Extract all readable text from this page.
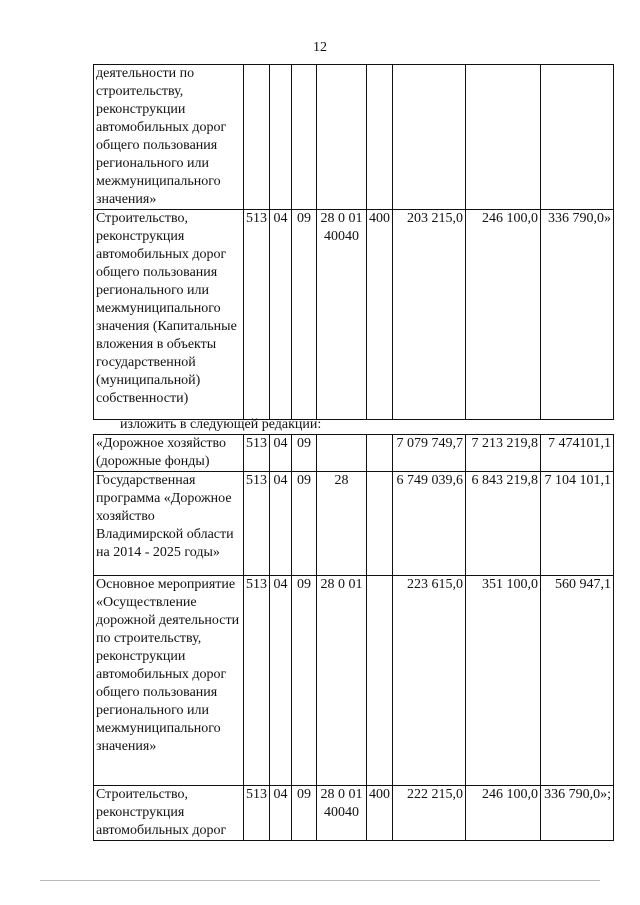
12
деятельности по строительству, реконструкции автомобильных дорог общего пользования регионального или межмуниципального значения»								
Строительство, реконструкция автомобильных дорог общего пользования регионального или межмуниципального значения (Капитальные вложения в объекты государственной (муниципальной) собственности)	513	04	09	28 0 01 40040	400	203 215,0	246 100,0	336 790,0»
изложить в следующей редакции:
«Дорожное хозяйство (дорожные фонды)	513	04	09			7 079 749,7	7 213 219,8	7 474101,1
Государственная программа «Дорожное хозяйство Владимирской области на 2014 - 2025 годы»	513	04	09	28		6 749 039,6	6 843 219,8	7 104 101,1
Основное мероприятие «Осуществление дорожной деятельности по строительству, реконструкции автомобильных дорог общего пользования регионального или межмуниципального значения»	513	04	09	28 0 01		223 615,0	351 100,0	560 947,1
Строительство, реконструкция автомобильных дорог	513	04	09	28 0 01 40040	400	222 215,0	246 100,0	336 790,0»;
